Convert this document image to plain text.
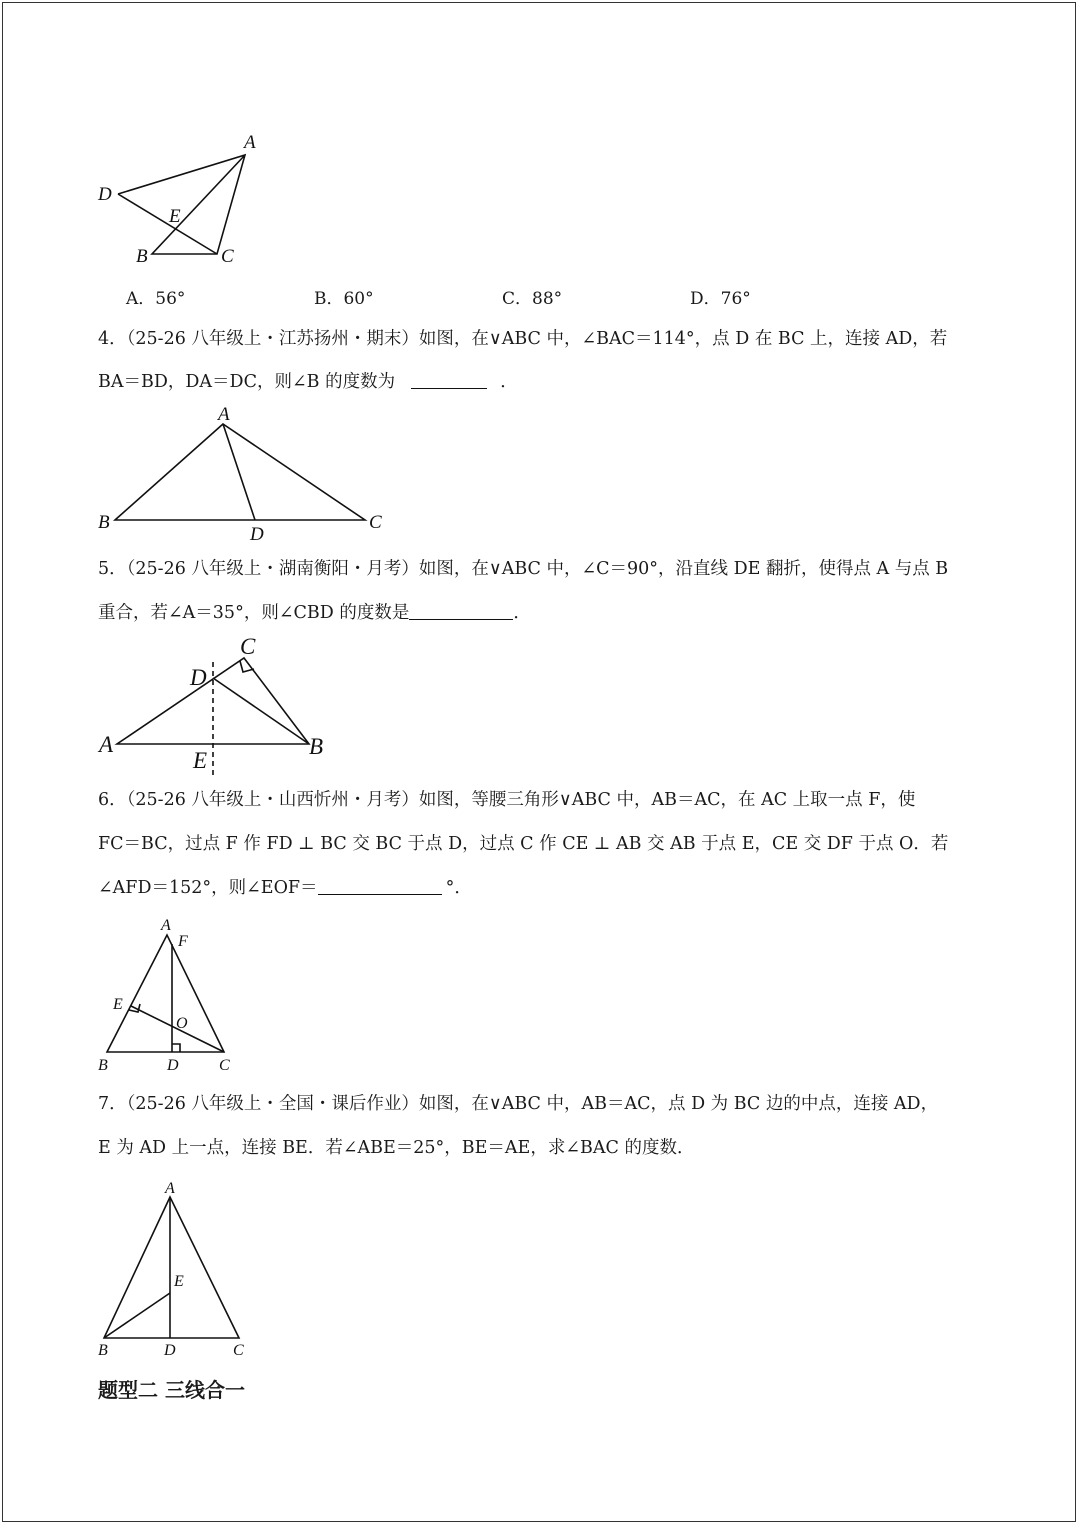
A
D
E
B	C
A．56°	B．60°	C．88°	D．76°
4．（25-26 八年级上・江苏扬州・期末）如图，在∨ABC 中，∠BAC＝114°，点 D 在 BC 上，连接 AD，若
BA＝BD，DA＝DC，则∠B 的度数为	．
A
B
D
C
5．（25-26 八年级上・湖南衡阳・月考）如图，在∨ABC 中，∠C＝90°，沿直线 DE 翻折，使得点 A 与点 B
重合，若∠A＝35°，则∠CBD 的度数是	．
C
D
A
E
B
6．（25-26 八年级上・山西忻州・月考）如图，等腰三角形∨ABC 中，AB＝AC，在 AC 上取一点 F，使
FC＝BC，过点 F 作 FD ⊥ BC 交 BC 于点 D，过点 C 作 CE ⊥ AB 交 AB 于点 E，CE 交 DF 于点 O．若
∠AFD＝152°，则∠EOF＝	°．
A
F
E
O
B	D	C
7．（25-26 八年级上・全国・课后作业）如图，在∨ABC 中，AB＝AC，点 D 为 BC 边的中点，连接 AD，
E 为 AD 上一点，连接 BE．若∠ABE＝25°，BE＝AE，求∠BAC 的度数．
A
E
B	D	C
题型二 三线合一
